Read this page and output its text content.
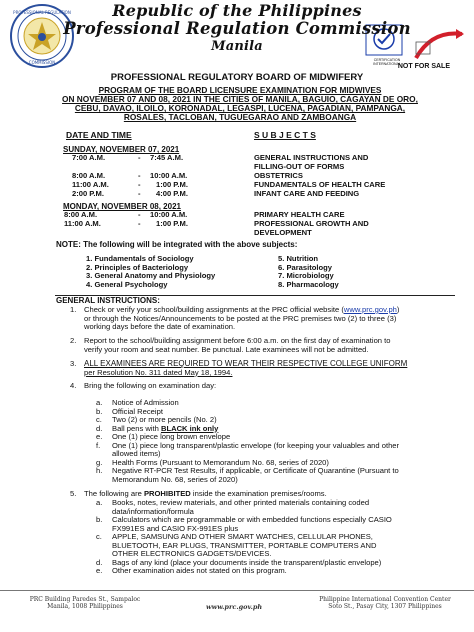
PROFESSIONAL REGULATION
COMMISSION	CERTIFICATION INTERNATIONAL
Republic of the Philippines
Professional Regulation Commission
Manila
NOT FOR SALE
PROFESSIONAL REGULATORY BOARD OF MIDWIFERY
PROGRAM OF THE BOARD LICENSURE EXAMINATION FOR MIDWIVES
ON NOVEMBER 07 AND 08, 2021 IN THE CITIES OF MANILA, BAGUIO, CAGAYAN DE ORO,
CEBU, DAVAO, ILOILO, KORONADAL, LEGASPI, LUCENA, PAGADIAN, PAMPANGA,
ROSALES, TACLOBAN, TUGUEGARAO AND ZAMBOANGA
DATE AND TIME	S U B J E C T S
SUNDAY, NOVEMBER 07, 2021
7:00 A.M.	- 7:45 A.M.	GENERAL INSTRUCTIONS AND
FILLING-OUT OF FORMS
8:00 A.M.	- 10:00 A.M.	OBSTETRICS
11:00 A.M.	- 1:00 P.M.	FUNDAMENTALS OF HEALTH CARE
2:00 P.M.	- 4:00 P.M.	INFANT CARE AND FEEDING
MONDAY, NOVEMBER 08, 2021
8:00 A.M.	- 10:00 A.M.	PRIMARY HEALTH CARE
11:00 A.M.	- 1:00 P.M.	PROFESSIONAL GROWTH AND
DEVELOPMENT
NOTE: The following will be integrated with the above subjects:
1. Fundamentals of Sociology
2. Principles of Bacteriology
3. General Anatomy and Physiology
4. General Psychology
5. Nutrition
6. Parasitology
7. Microbiology
8. Pharmacology
GENERAL INSTRUCTIONS:
1. Check or verify your school/building assignments at the PRC official website (www.prc.gov.ph)
or through the Notices/Announcements to be posted at the PRC premises two (2) to three (3)
working days before the date of examination.
2. Report to the school/building assignment before 6:00 a.m. on the first day of examination to
verify your room and seat number. Be punctual. Late examinees will not be admitted.
3. ALL EXAMINEES ARE REQUIRED TO WEAR THEIR RESPECTIVE COLLEGE UNIFORM
per Resolution No. 311 dated May 18, 1994.
4. Bring the following on examination day:
a. Notice of Admission
b. Official Receipt
c. Two (2) or more pencils (No. 2)
d. Ball pens with BLACK ink only
e. One (1) piece long brown envelope
f. One (1) piece long transparent/plastic envelope (for keeping your valuables and other
allowed items)
g. Health Forms (Pursuant to Memorandum No. 68, series of 2020)
h. Negative RT-PCR Test Results, if applicable, or Certificate of Quarantine (Pursuant to
Memorandum No. 68, series of 2020)
5. The following are PROHIBITED inside the examination premises/rooms.
a. Books, notes, review materials, and other printed materials containing coded
data/information/formula
b. Calculators which are programmable or with embedded functions especially CASIO
FX991ES and CASIO FX-991ES plus
c. APPLE, SAMSUNG AND OTHER SMART WATCHES, CELLULAR PHONES,
BLUETOOTH, EAR PLUGS, TRANSMITTER, PORTABLE COMPUTERS AND
OTHER ELECTRONICS GADGETS/DEVICES.
d. Bags of any kind (place your documents inside the transparent/plastic envelope)
e. Other examination aides not stated on this program.
PRC Building Paredes St., Sampaloc
Manila, 1008 Philippines	www.prc.gov.ph
Philippine International Convention Center
Soto St., Pasay City, 1307 Philippines
